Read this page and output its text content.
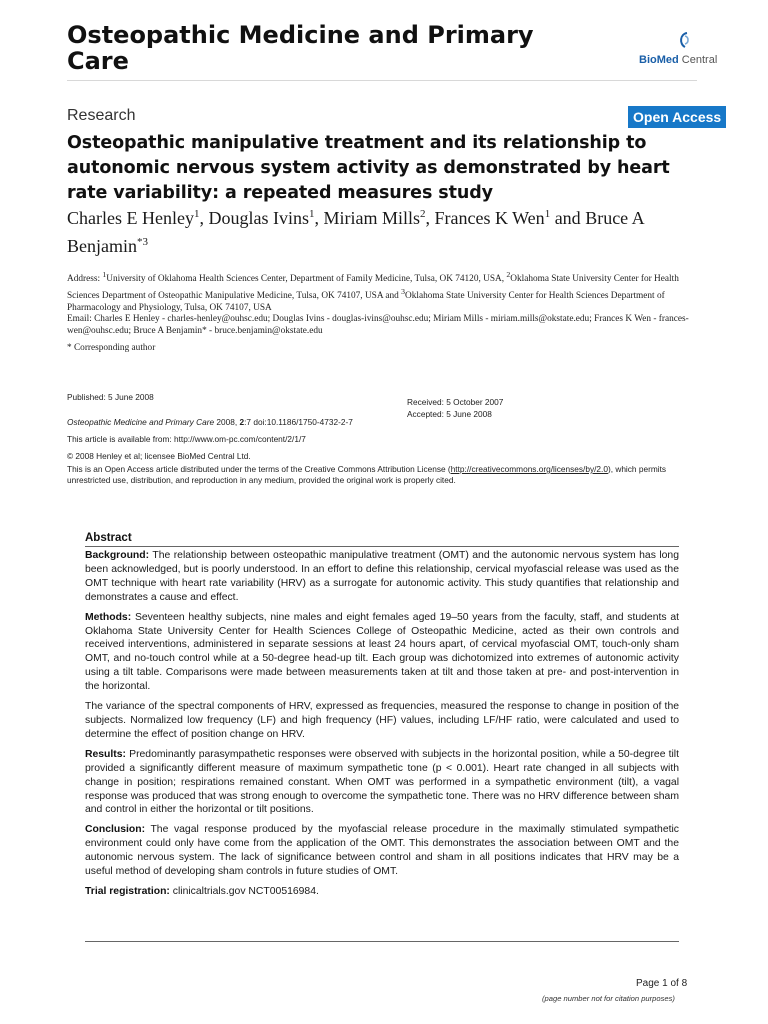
Osteopathic Medicine and Primary Care	BioMed Central
Research	Open Access
Osteopathic manipulative treatment and its relationship to autonomic nervous system activity as demonstrated by heart rate variability: a repeated measures study
Charles E Henley$^1$, Douglas Ivins$^1$, Miriam Mills$^2$, Frances K Wen$^1$ and Bruce A Benjamin$^{*3}$
Address: $^1$University of Oklahoma Health Sciences Center, Department of Family Medicine, Tulsa, OK 74120, USA, $^2$Oklahoma State University Center for Health Sciences Department of Osteopathic Manipulative Medicine, Tulsa, OK 74107, USA and $^3$Oklahoma State University Center for Health Sciences Department of Pharmacology and Physiology, Tulsa, OK 74107, USA
Email: Charles E Henley - charles-henley@ouhsc.edu; Douglas Ivins - douglas-ivins@ouhsc.edu; Miriam Mills - miriam.mills@okstate.edu; Frances K Wen - frances-wen@ouhsc.edu; Bruce A Benjamin* - bruce.benjamin@okstate.edu
* Corresponding author
Published: 5 June 2008
Osteopathic Medicine and Primary Care 2008, 2:7 doi:10.1186/1750-4732-2-7
This article is available from: http://www.om-pc.com/content/2/1/7
Received: 5 October 2007
Accepted: 5 June 2008
© 2008 Henley et al; licensee BioMed Central Ltd.
This is an Open Access article distributed under the terms of the Creative Commons Attribution License (http://creativecommons.org/licenses/by/2.0), which permits unrestricted use, distribution, and reproduction in any medium, provided the original work is properly cited.
Abstract

Background: The relationship between osteopathic manipulative treatment (OMT) and the autonomic nervous system has long been acknowledged, but is poorly understood. In an effort to define this relationship, cervical myofascial release was used as the OMT technique with heart rate variability (HRV) as a surrogate for autonomic activity. This study quantifies that relationship and demonstrates a cause and effect.

Methods: Seventeen healthy subjects, nine males and eight females aged 19–50 years from the faculty, staff, and students at Oklahoma State University Center for Health Sciences College of Osteopathic Medicine, acted as their own controls and received interventions, administered in separate sessions at least 24 hours apart, of cervical myofascial OMT, touch-only sham OMT, and no-touch control while at a 50-degree head-up tilt. Each group was dichotomized into extremes of autonomic activity using a tilt table. Comparisons were made between measurements taken at tilt and those taken at pre- and post-intervention in the horizontal.

The variance of the spectral components of HRV, expressed as frequencies, measured the response to change in position of the subjects. Normalized low frequency (LF) and high frequency (HF) values, including LF/HF ratio, were calculated and used to determine the effect of position change on HRV.

Results: Predominantly parasympathetic responses were observed with subjects in the horizontal position, while a 50-degree tilt provided a significantly different measure of maximum sympathetic tone (p < 0.001). Heart rate changed in all subjects with change in position; respirations remained constant. When OMT was performed in a sympathetic environment (tilt), a vagal response was produced that was strong enough to overcome the sympathetic tone. There was no HRV difference between sham and control in either the horizontal or tilt positions.

Conclusion: The vagal response produced by the myofascial release procedure in the maximally stimulated sympathetic environment could only have come from the application of the OMT. This demonstrates the association between OMT and the autonomic nervous system. The lack of significance between control and sham in all positions indicates that HRV may be a useful method of developing sham controls in future studies of OMT.

Trial registration: clinicaltrials.gov NCT00516984.

Page 1 of 8
(page number not for citation purposes)
